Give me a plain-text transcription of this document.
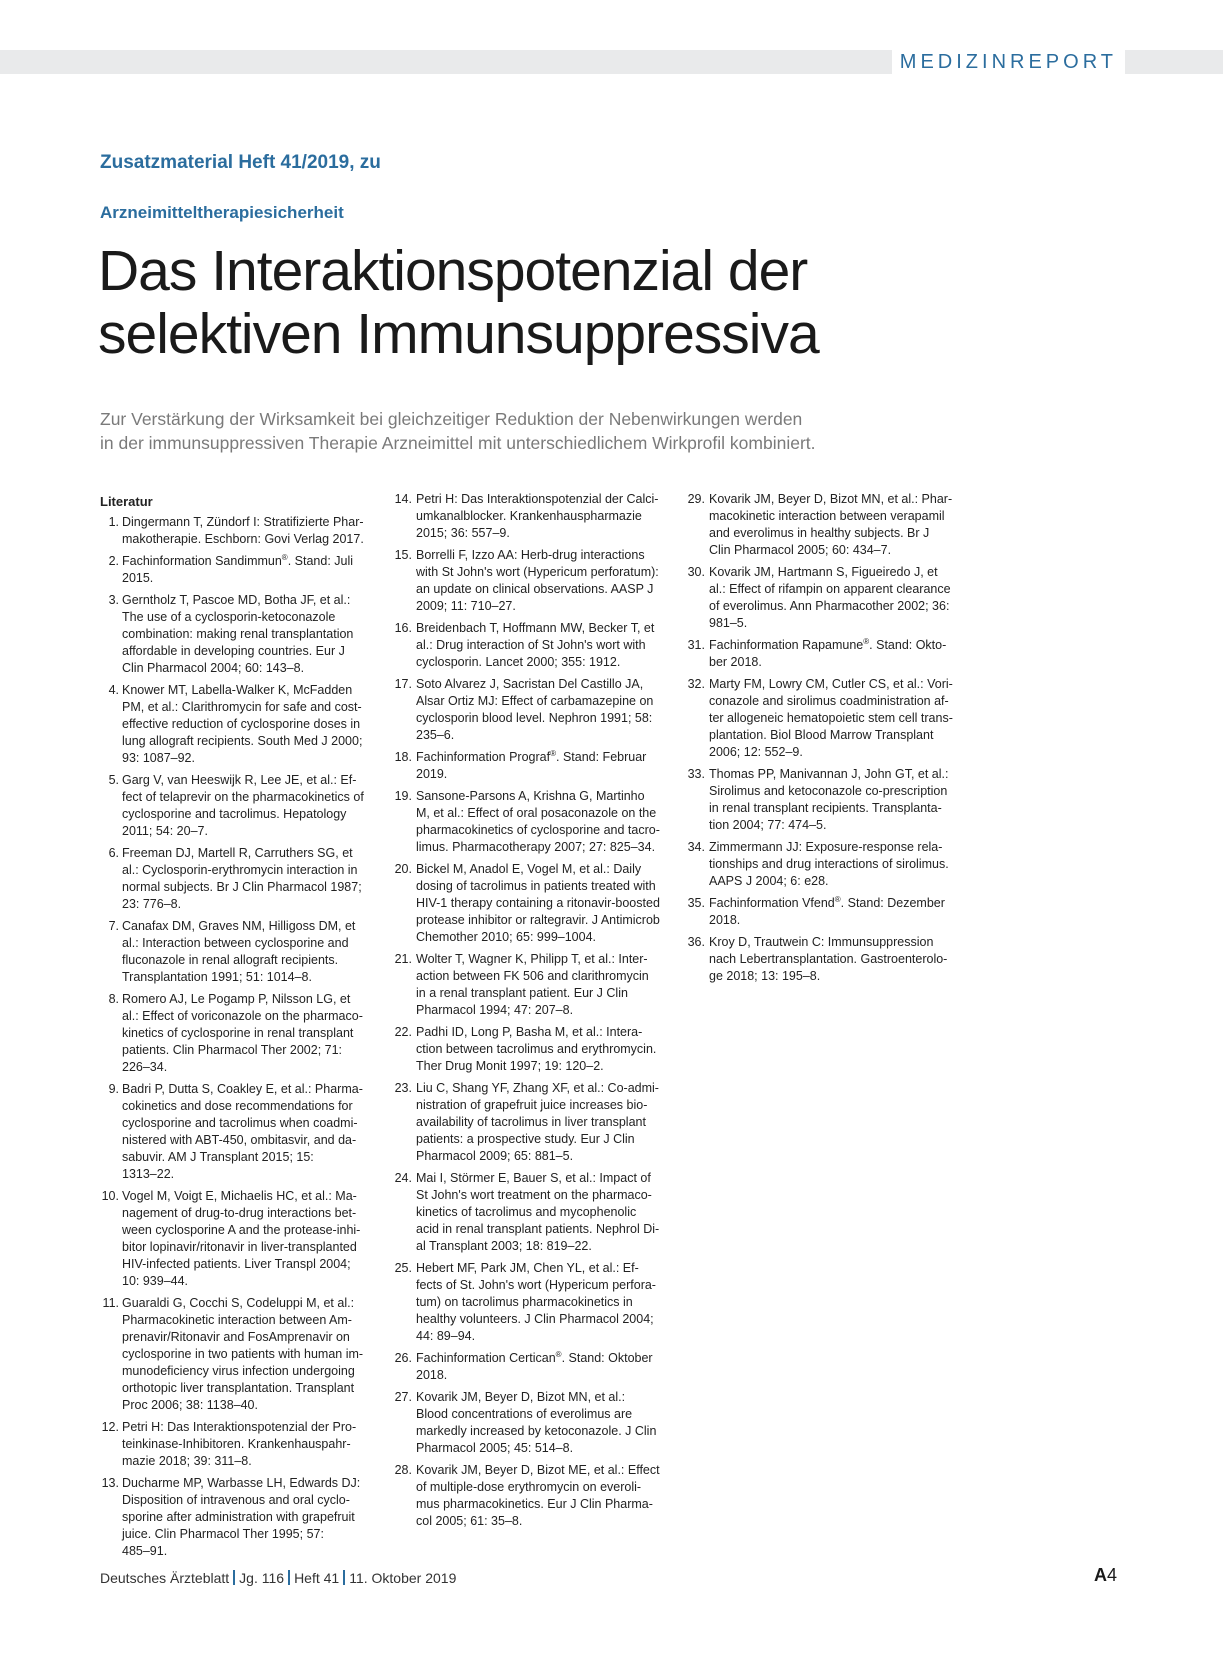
MEDIZINREPORT
Zusatzmaterial Heft 41/2019, zu
Arzneimitteltherapiesicherheit
Das Interaktionspotenzial der
selektiven Immunsuppressiva
Zur Verstärkung der Wirksamkeit bei gleichzeitiger Reduktion der Nebenwirkungen werden
in der immunsuppressiven Therapie Arzneimittel mit unterschiedlichem Wirkprofil kombiniert.
Literatur
1. Dingermann T, Zündorf I: Stratifizierte Phar-
makotherapie. Eschborn: Govi Verlag 2017.
2. Fachinformation Sandimmun®. Stand: Juli
2015.
3. Gerntholz T, Pascoe MD, Botha JF, et al.:
The use of a cyclosporin-ketoconazole
combination: making renal transplantation
affordable in developing countries. Eur J
Clin Pharmacol 2004; 60: 143–8.
4. Knower MT, Labella-Walker K, McFadden
PM, et al.: Clarithromycin for safe and cost-
effective reduction of cyclosporine doses in
lung allograft recipients. South Med J 2000;
93: 1087–92.
5. Garg V, van Heeswijk R, Lee JE, et al.: Ef-
fect of telaprevir on the pharmacokinetics of
cyclosporine and tacrolimus. Hepatology
2011; 54: 20–7.
6. Freeman DJ, Martell R, Carruthers SG, et
al.: Cyclosporin-erythromycin interaction in
normal subjects. Br J Clin Pharmacol 1987;
23: 776–8.
7. Canafax DM, Graves NM, Hilligoss DM, et
al.: Interaction between cyclosporine and
fluconazole in renal allograft recipients.
Transplantation 1991; 51: 1014–8.
8. Romero AJ, Le Pogamp P, Nilsson LG, et
al.: Effect of voriconazole on the pharmaco-
kinetics of cyclosporine in renal transplant
patients. Clin Pharmacol Ther 2002; 71:
226–34.
9. Badri P, Dutta S, Coakley E, et al.: Pharma-
cokinetics and dose recommendations for
cyclosporine and tacrolimus when coadmi-
nistered with ABT-450, ombitasvir, and da-
sabuvir. AM J Transplant 2015; 15:
1313–22.
10. Vogel M, Voigt E, Michaelis HC, et al.: Ma-
nagement of drug-to-drug interactions bet-
ween cyclosporine A and the protease-inhi-
bitor lopinavir/ritonavir in liver-transplanted
HIV-infected patients. Liver Transpl 2004;
10: 939–44.
11. Guaraldi G, Cocchi S, Codeluppi M, et al.:
Pharmacokinetic interaction between Am-
prenavir/Ritonavir and FosAmprenavir on
cyclosporine in two patients with human im-
munodeficiency virus infection undergoing
orthotopic liver transplantation. Transplant
Proc 2006; 38: 1138–40.
12. Petri H: Das Interaktionspotenzial der Pro-
teinkinase-Inhibitoren. Krankenhauspahr-
mazie 2018; 39: 311–8.
13. Ducharme MP, Warbasse LH, Edwards DJ:
Disposition of intravenous and oral cyclo-
sporine after administration with grapefruit
juice. Clin Pharmacol Ther 1995; 57:
485–91.
14. Petri H: Das Interaktionspotenzial der Calci-
umkanalblocker. Krankenhauspharmazie
2015; 36: 557–9.
15. Borrelli F, Izzo AA: Herb-drug interactions
with St John's wort (Hypericum perforatum):
an update on clinical observations. AASP J
2009; 11: 710–27.
16. Breidenbach T, Hoffmann MW, Becker T, et
al.: Drug interaction of St John's wort with
cyclosporin. Lancet 2000; 355: 1912.
17. Soto Alvarez J, Sacristan Del Castillo JA,
Alsar Ortiz MJ: Effect of carbamazepine on
cyclosporin blood level. Nephron 1991; 58:
235–6.
18. Fachinformation Prograf®. Stand: Februar
2019.
19. Sansone-Parsons A, Krishna G, Martinho
M, et al.: Effect of oral posaconazole on the
pharmacokinetics of cyclosporine and tacro-
limus. Pharmacotherapy 2007; 27: 825–34.
20. Bickel M, Anadol E, Vogel M, et al.: Daily
dosing of tacrolimus in patients treated with
HIV-1 therapy containing a ritonavir-boosted
protease inhibitor or raltegravir. J Antimicrob
Chemother 2010; 65: 999–1004.
21. Wolter T, Wagner K, Philipp T, et al.: Inter-
action between FK 506 and clarithromycin
in a renal transplant patient. Eur J Clin
Pharmacol 1994; 47: 207–8.
22. Padhi ID, Long P, Basha M, et al.: Intera-
ction between tacrolimus and erythromycin.
Ther Drug Monit 1997; 19: 120–2.
23. Liu C, Shang YF, Zhang XF, et al.: Co-admi-
nistration of grapefruit juice increases bio-
availability of tacrolimus in liver transplant
patients: a prospective study. Eur J Clin
Pharmacol 2009; 65: 881–5.
24. Mai I, Störmer E, Bauer S, et al.: Impact of
St John's wort treatment on the pharmaco-
kinetics of tacrolimus and mycophenolic
acid in renal transplant patients. Nephrol Di-
al Transplant 2003; 18: 819–22.
25. Hebert MF, Park JM, Chen YL, et al.: Ef-
fects of St. John's wort (Hypericum perfora-
tum) on tacrolimus pharmacokinetics in
healthy volunteers. J Clin Pharmacol 2004;
44: 89–94.
26. Fachinformation Certican®. Stand: Oktober
2018.
27. Kovarik JM, Beyer D, Bizot MN, et al.:
Blood concentrations of everolimus are
markedly increased by ketoconazole. J Clin
Pharmacol 2005; 45: 514–8.
28. Kovarik JM, Beyer D, Bizot ME, et al.: Effect
of multiple-dose erythromycin on everoli-
mus pharmacokinetics. Eur J Clin Pharma-
col 2005; 61: 35–8.
29. Kovarik JM, Beyer D, Bizot MN, et al.: Phar-
macokinetic interaction between verapamil
and everolimus in healthy subjects. Br J
Clin Pharmacol 2005; 60: 434–7.
30. Kovarik JM, Hartmann S, Figueiredo J, et
al.: Effect of rifampin on apparent clearance
of everolimus. Ann Pharmacother 2002; 36:
981–5.
31. Fachinformation Rapamune®. Stand: Okto-
ber 2018.
32. Marty FM, Lowry CM, Cutler CS, et al.: Vori-
conazole and sirolimus coadministration af-
ter allogeneic hematopoietic stem cell trans-
plantation. Biol Blood Marrow Transplant
2006; 12: 552–9.
33. Thomas PP, Manivannan J, John GT, et al.:
Sirolimus and ketoconazole co-prescription
in renal transplant recipients. Transplanta-
tion 2004; 77: 474–5.
34. Zimmermann JJ: Exposure-response rela-
tionships and drug interactions of sirolimus.
AAPS J 2004; 6: e28.
35. Fachinformation Vfend®. Stand: Dezember
2018.
36. Kroy D, Trautwein C: Immunsuppression
nach Lebertransplantation. Gastroenterolo-
ge 2018; 13: 195–8.
Deutsches Ärzteblatt Jg. 116 Heft 41 11. Oktober 2019	A4
